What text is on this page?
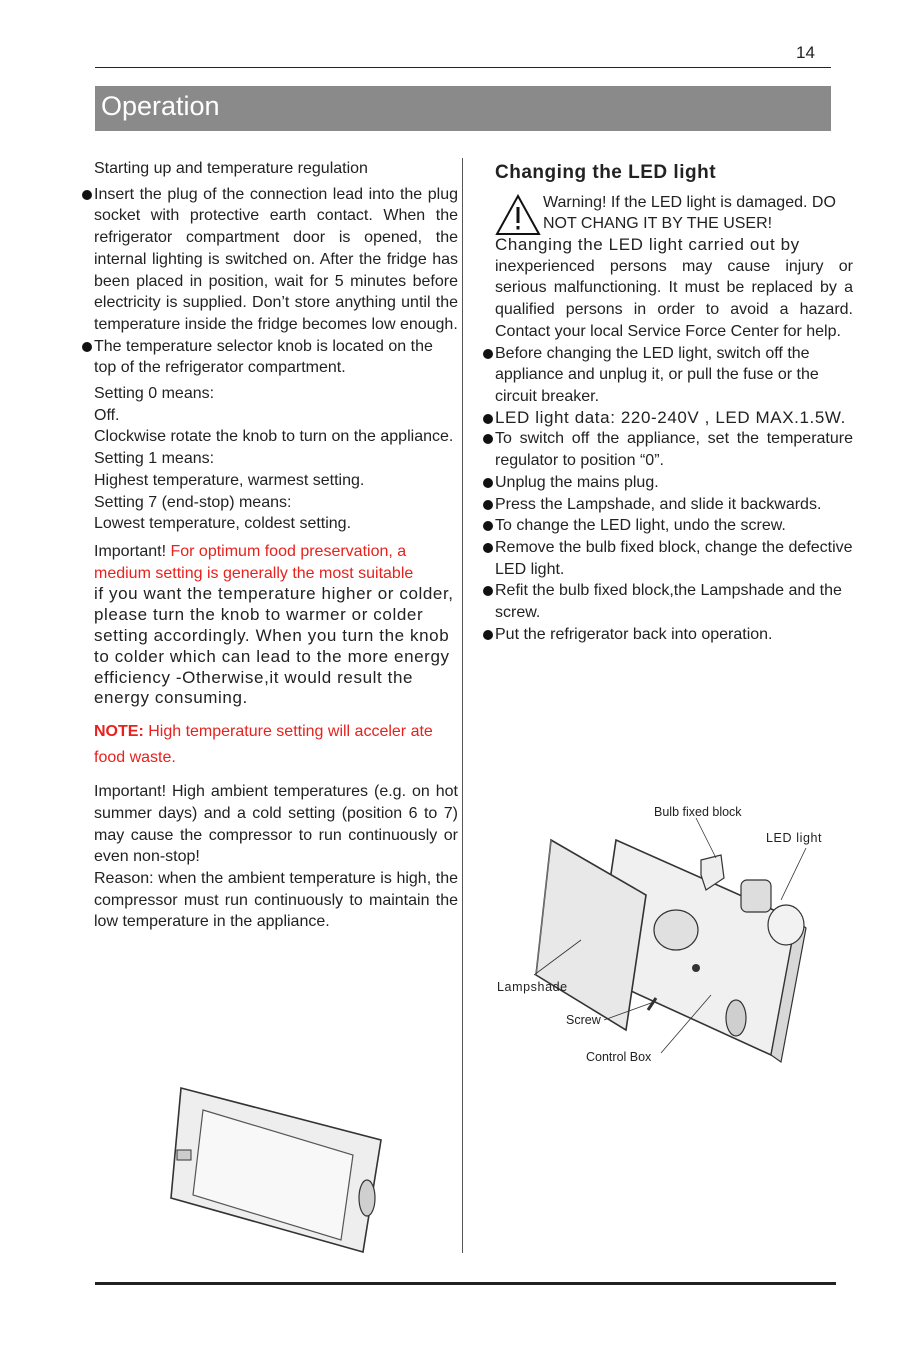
14
Operation

Starting up and temperature regulation

Insert the plug of the connection lead into the plug socket with protective earth contact. When the refrigerator compartment door is opened, the internal lighting is switched on. After the fridge has been placed in position, wait for 5 minutes before electricity is supplied. Don’t store anything until the temperature inside the fridge becomes low enough.
The temperature selector knob is located on the top of the refrigerator compartment.
Setting 0 means:
Off.
Clockwise rotate the knob to turn on the appliance.
Setting 1 means:
Highest temperature, warmest setting.
Setting 7 (end-stop) means:
Lowest temperature, coldest setting.
Important! For optimum food preservation, a medium setting is generally the most suitable
if you want the temperature higher or colder, please turn the knob to warmer or colder setting accordingly. When you turn the knob to colder which can lead to the more energy efficiency -Otherwise,it would result the energy consuming.
NOTE: High temperature setting will acceler ate food waste.
Important! High ambient temperatures (e.g. on hot summer days) and a cold setting (position 6 to 7) may cause the compressor to run continuously or even non-stop!
Reason: when the ambient temperature is high, the compressor must run continuously to maintain the low temperature in the appliance.
Changing the LED light
Warning! If the LED light is damaged. DO NOT CHANG IT BY THE USER!

Changing the LED light carried out by
inexperienced persons may cause injury or serious malfunctioning. It must be replaced by a qualified persons in order to avoid a hazard. Contact your local Service Force Center for help.
Before changing the LED light, switch off the appliance and unplug it, or pull the fuse or the circuit breaker.
LED light data: 220-240V , LED MAX.1.5W.
To switch off the appliance, set the temperature regulator to position “0”.
Unplug the mains plug.
Press the Lampshade, and slide it backwards.
To change the LED light, undo the screw.
Remove the bulb fixed block, change the defective LED light.
Refit the bulb fixed block,the Lampshade and the screw.
Put the refrigerator back into operation.
Bulb fixed block
LED light
Lampshade
Screw
Control Box
